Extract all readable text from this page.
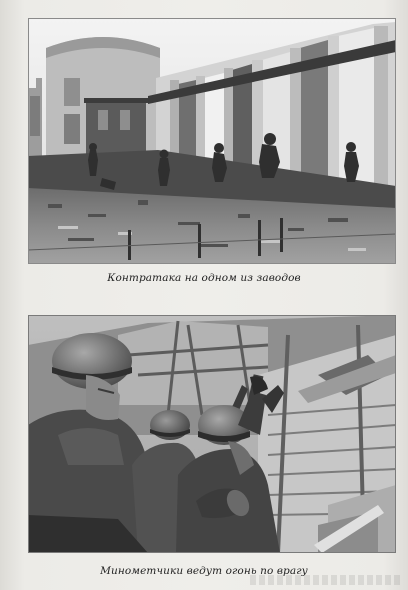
Контратака на одном из заводов
Минометчики ведут огонь по врагу
